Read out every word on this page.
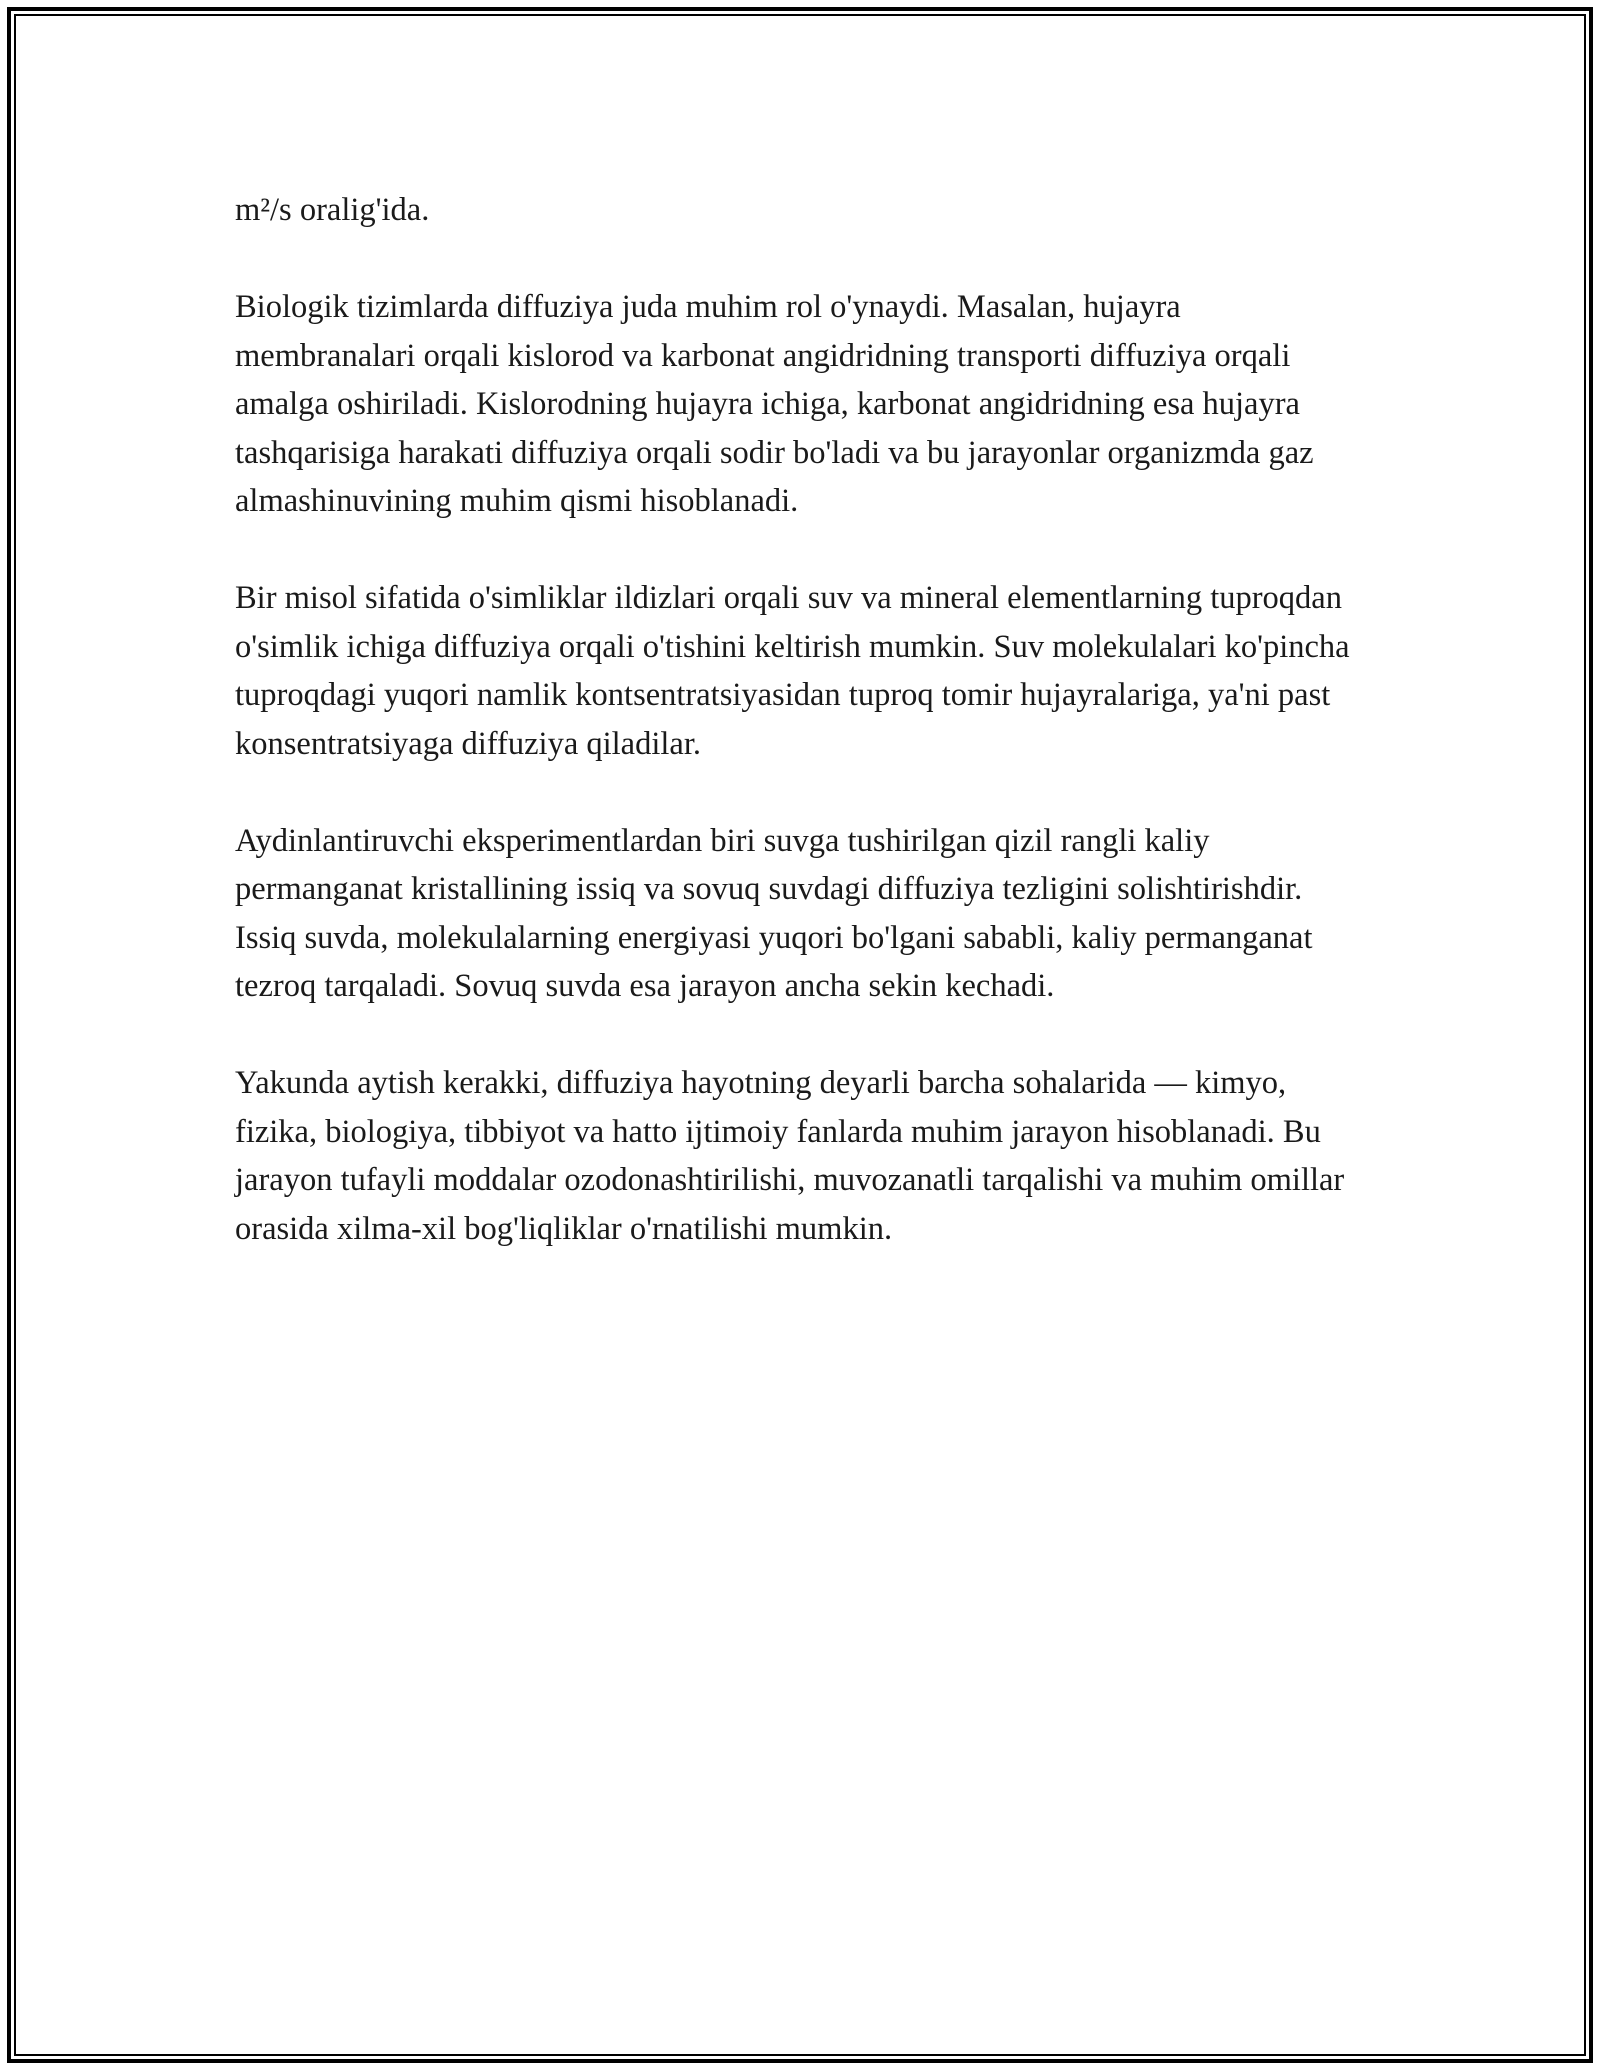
m²/s oralig'ida.

Biologik tizimlarda diffuziya juda muhim rol o'ynaydi. Masalan, hujayra membranalari orqali kislorod va karbonat angidridning transporti diffuziya orqali amalga oshiriladi. Kislorodning hujayra ichiga, karbonat angidridning esa hujayra tashqarisiga harakati diffuziya orqali sodir bo'ladi va bu jarayonlar organizmda gaz almashinuvining muhim qismi hisoblanadi.

Bir misol sifatida o'simliklar ildizlari orqali suv va mineral elementlarning tuproqdan o'simlik ichiga diffuziya orqali o'tishini keltirish mumkin. Suv molekulalari ko'pincha tuproqdagi yuqori namlik kontsentratsiyasidan tuproq tomir hujayralariga, ya'ni past konsentratsiyaga diffuziya qiladilar.

Aydinlantiruvchi eksperimentlardan biri suvga tushirilgan qizil rangli kaliy permanganat kristallining issiq va sovuq suvdagi diffuziya tezligini solishtirishdir. Issiq suvda, molekulalarning energiyasi yuqori bo'lgani sababli, kaliy permanganat tezroq tarqaladi. Sovuq suvda esa jarayon ancha sekin kechadi.

Yakunda aytish kerakki, diffuziya hayotning deyarli barcha sohalarida — kimyo, fizika, biologiya, tibbiyot va hatto ijtimoiy fanlarda muhim jarayon hisoblanadi. Bu jarayon tufayli moddalar ozodonashtirilishi, muvozanatli tarqalishi va muhim omillar orasida xilma-xil bog'liqliklar o'rnatilishi mumkin.
